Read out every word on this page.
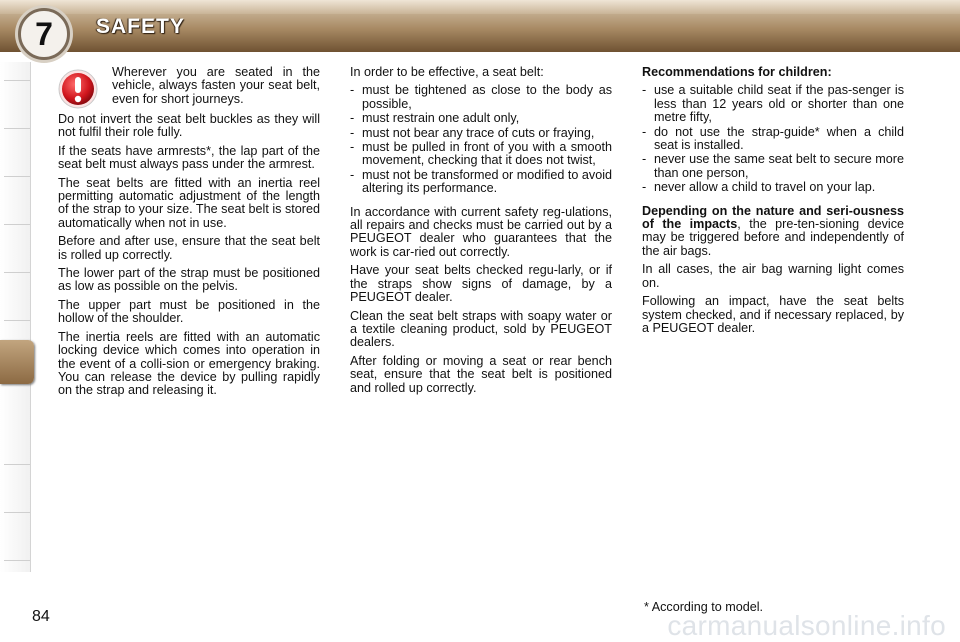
7	SAFETY

Wherever you are seated in the vehicle, always fasten your seat belt, even for short journeys.

Do not invert the seat belt buckles as they will not fulfil their role fully.

If the seats have armrests*, the lap part of the seat belt must always pass under the armrest.

The seat belts are fitted with an inertia reel permitting automatic adjustment of the length of the strap to your size. The seat belt is stored automatically when not in use.

Before and after use, ensure that the seat belt is rolled up correctly.

The lower part of the strap must be positioned as low as possible on the pelvis.

The upper part must be positioned in the hollow of the shoulder.

The inertia reels are fitted with an automatic locking device which comes into operation in the event of a colli-sion or emergency braking. You can release the device by pulling rapidly on the strap and releasing it.

In order to be effective, a seat belt:

- must be tightened as close to the body as possible,
- must restrain one adult only,
- must not bear any trace of cuts or fraying,
- must be pulled in front of you with a smooth movement, checking that it does not twist,
- must not be transformed or modified to avoid altering its performance.

In accordance with current safety reg-ulations, all repairs and checks must be carried out by a PEUGEOT dealer who guarantees that the work is car-ried out correctly.

Have your seat belts checked regu-larly, or if the straps show signs of damage, by a PEUGEOT dealer.

Clean the seat belt straps with soapy water or a textile cleaning product, sold by PEUGEOT dealers.

After folding or moving a seat or rear bench seat, ensure that the seat belt is positioned and rolled up correctly.

Recommendations for children:

- use a suitable child seat if the pas-senger is less than 12 years old or shorter than one metre fifty,
- do not use the strap-guide* when a child seat is installed.
- never use the same seat belt to secure more than one person,
- never allow a child to travel on your lap.

Depending on the nature and seri-ousness of the impacts, the pre-ten-sioning device may be triggered before and independently of the air bags.

In all cases, the air bag warning light comes on.

Following an impact, have the seat belts system checked, and if necessary replaced, by a PEUGEOT dealer.

* According to model.
84	carmanualsonline.info
